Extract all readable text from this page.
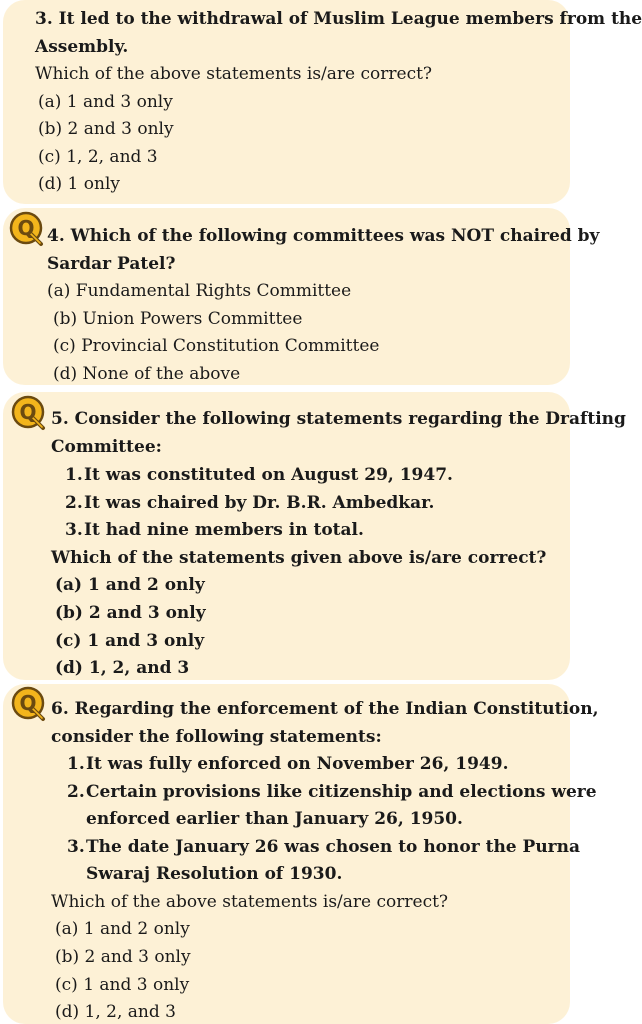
3. It led to the withdrawal of Muslim League members from the
Assembly.
Which of the above statements is/are correct?
(a) 1 and 3 only
(b) 2 and 3 only
(c) 1, 2, and 3
(d) 1 only
4. Which of the following committees was NOT chaired by
Sardar Patel?
(a) Fundamental Rights Committee
(b) Union Powers Committee
(c) Provincial Constitution Committee
(d) None of the above
5. Consider the following statements regarding the Drafting
Committee:
1. It was constituted on August 29, 1947.
2. It was chaired by Dr. B.R. Ambedkar.
3. It had nine members in total.
Which of the statements given above is/are correct?
(a) 1 and 2 only
(b) 2 and 3 only
(c) 1 and 3 only
(d) 1, 2, and 3
6. Regarding the enforcement of the Indian Constitution,
consider the following statements:
1. It was fully enforced on November 26, 1949.
2. Certain provisions like citizenship and elections were
enforced earlier than January 26, 1950.
3. The date January 26 was chosen to honor the Purna
Swaraj Resolution of 1930.
Which of the above statements is/are correct?
(a) 1 and 2 only
(b) 2 and 3 only
(c) 1 and 3 only
(d) 1, 2, and 3
Q
Q
Q
